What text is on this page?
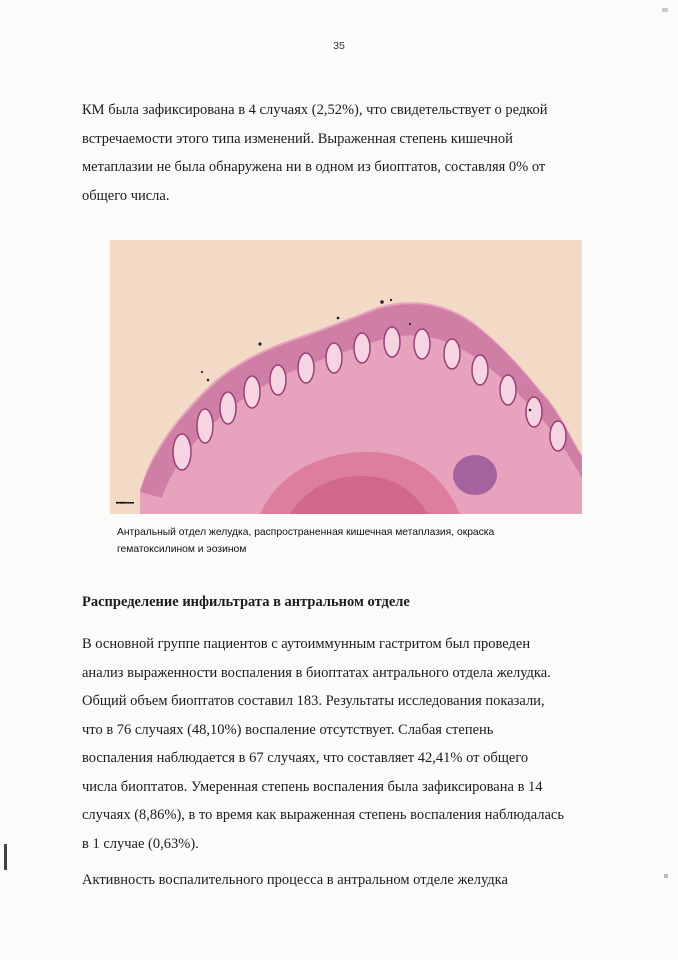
35

КМ была зафиксирована в 4 случаях (2,52%), что свидетельствует о редкой
встречаемости этого типа изменений. Выраженная степень кишечной
метаплазии не была обнаружена ни в одном из биоптатов, составляя 0% от
общего числа.

0.100 mm
Антральный отдел желудка, распространенная кишечная метаплазия, окраска
гематоксилином и эозином
Распределение инфильтрата в антральном отделе

В основной группе пациентов с аутоиммунным гастритом был проведен
анализ выраженности воспаления в биоптатах антрального отдела желудка.
Общий объем биоптатов составил 183. Результаты исследования показали,
что в 76 случаях (48,10%) воспаление отсутствует. Слабая степень
воспаления наблюдается в 67 случаях, что составляет 42,41% от общего
числа биоптатов. Умеренная степень воспаления была зафиксирована в 14
случаях (8,86%), в то время как выраженная степень воспаления наблюдалась
в 1 случае (0,63%).

Активность воспалительного процесса в антральном отделе желудка
